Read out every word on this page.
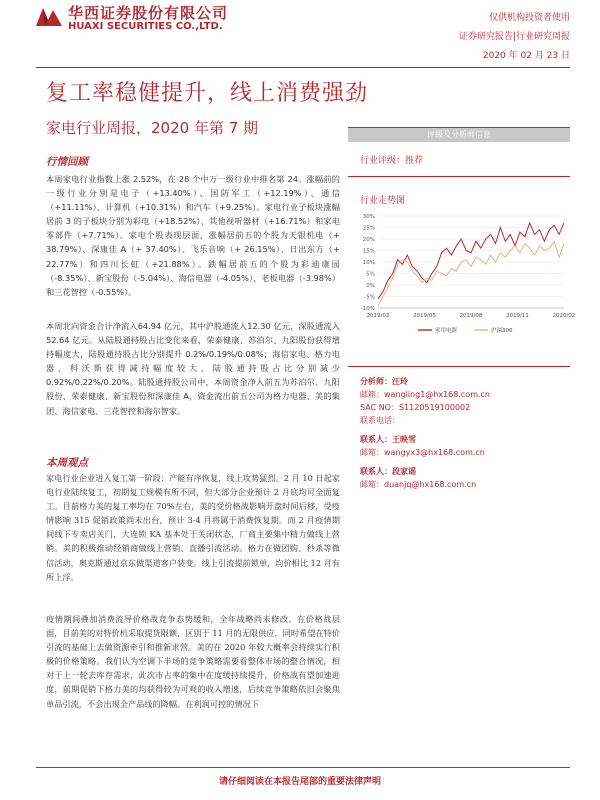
华西证券股份有限公司
HUAXI SECURITIES CO.,LTD.
仅供机构投资者使用
证券研究报告|行业研究周报
2020 年 02 月 23 日
复工率稳健提升，线上消费强劲
家电行业周报，2020 年第 7 期
行情回顾
本周家电行业指数上涨 2.52%，在 28 个中万一级行业中排名第 24。涨幅前的一级行业分别是电子（+13.40%）、国防军工（+12.19%）、通信（+11.11%）、计算机（+10.31%）和汽车（+9.25%）。家电行业子板块涨幅居前 3 的子板块分别为彩电（+18.52%）、其他视听器材（+16.71%）和家电零部件（+7.71%）。家电个股表现层面，涨幅居前五的个股为天银机电（+ 38.79%）、深康佳 A（+ 37.40%）、飞乐音响（+ 26.15%）、日出东方（+ 22.77%）和四川长虹（+21.88%）。跌幅居前五的个股为彩迪康园（-8.35%）、新宝股份（-5.04%）、海信电器（-4.05%）、老板电器（-3.98%）和三花智控（-0.55%）。
本周北向资金合计净流入64.94 亿元，其中沪股通流入12.30 亿元，深股通流入52.64 亿元。从陆股通持股占比变化来看，荣泰健康、苏泊尔、九阳股份获得增持幅度大，陆股通持股占比分别提升 0.2%/0.19%/0.08%；海信家电、格力电器、科沃斯获得减持幅度较大，陆股通持股占比分别减少 0.92%/0.22%/0.20%。陆股通持股公司中，本周资金净入前五为苏泊尔、九阳股份、荣泰健康、新宝股份和深康佳 A，资金流出前五公司为格力电器、美的集团、海信家电、三花智控和海尔智家。
本周观点
家电行业企业进入复工第一阶段：产能有序恢复，线上攻势猛烈。2 月 10 日起家电行业陆续复工，初期复工规模有所不同，但大部分企业预计 2 月底均可全面复工。目前格力美的复工率均在 70%左右，美的受价格战影响开盘时间后移，受疫情影响 315 促销政策尚未出台，预计 3-4 月将属于消费恢复期。而 2 月疫情期间线下专卖店关门，大连锁 KA 基本处于关闭状态，厂商主要集中精力做线上营销。美的积极推动经销商做线上营销、直播引流活动。格力在做团购、秒杀等微信活动，奥克斯通过京东做渠道客户装变。线上引流提前锁单，均价相比 12 月有所上浮。
疫情期间叠加消费流导价格战竞争态势缓和，全年战略尚未修改。在价格战层面，目前美的对特价机采取提货限额，区别于 11 月的无限供应，同时希望在特价引流的基础上去做资源牵引和推新求营。美的在 2020 年较大概率会持续实行积极的价格策略。我们认为空调下半场的竞争策略需要看整体市场的整合情况，相对于上一轮去库存需求，此次市占率的集中在度缓持续提升，价格战有望加速进度，前期促销下格力美的均获得较为可观的收入增速，后续竞争策略依旧会聚焦单品引流，不会出现全产品线的降幅。在利润可控的情况下
评级及分析师信息
行业评级：推荐
行业走势图
-10%
-5%
0%
5%
10%
15%
20%
25%
30%
2019/02	2019/05	2019/08	2019/11	2020/02
家用电器	沪深300
分析师：汪玲
邮箱：wangling1@hx168.com.cn
SAC NO：S1120519100002
联系电话：
联系人：王映雪
邮箱：wangyx3@hx168.com.cn
联系人：段家谣
邮箱：duanjq@hx168.com.cn
请仔细阅读在本报告尾部的重要法律声明
